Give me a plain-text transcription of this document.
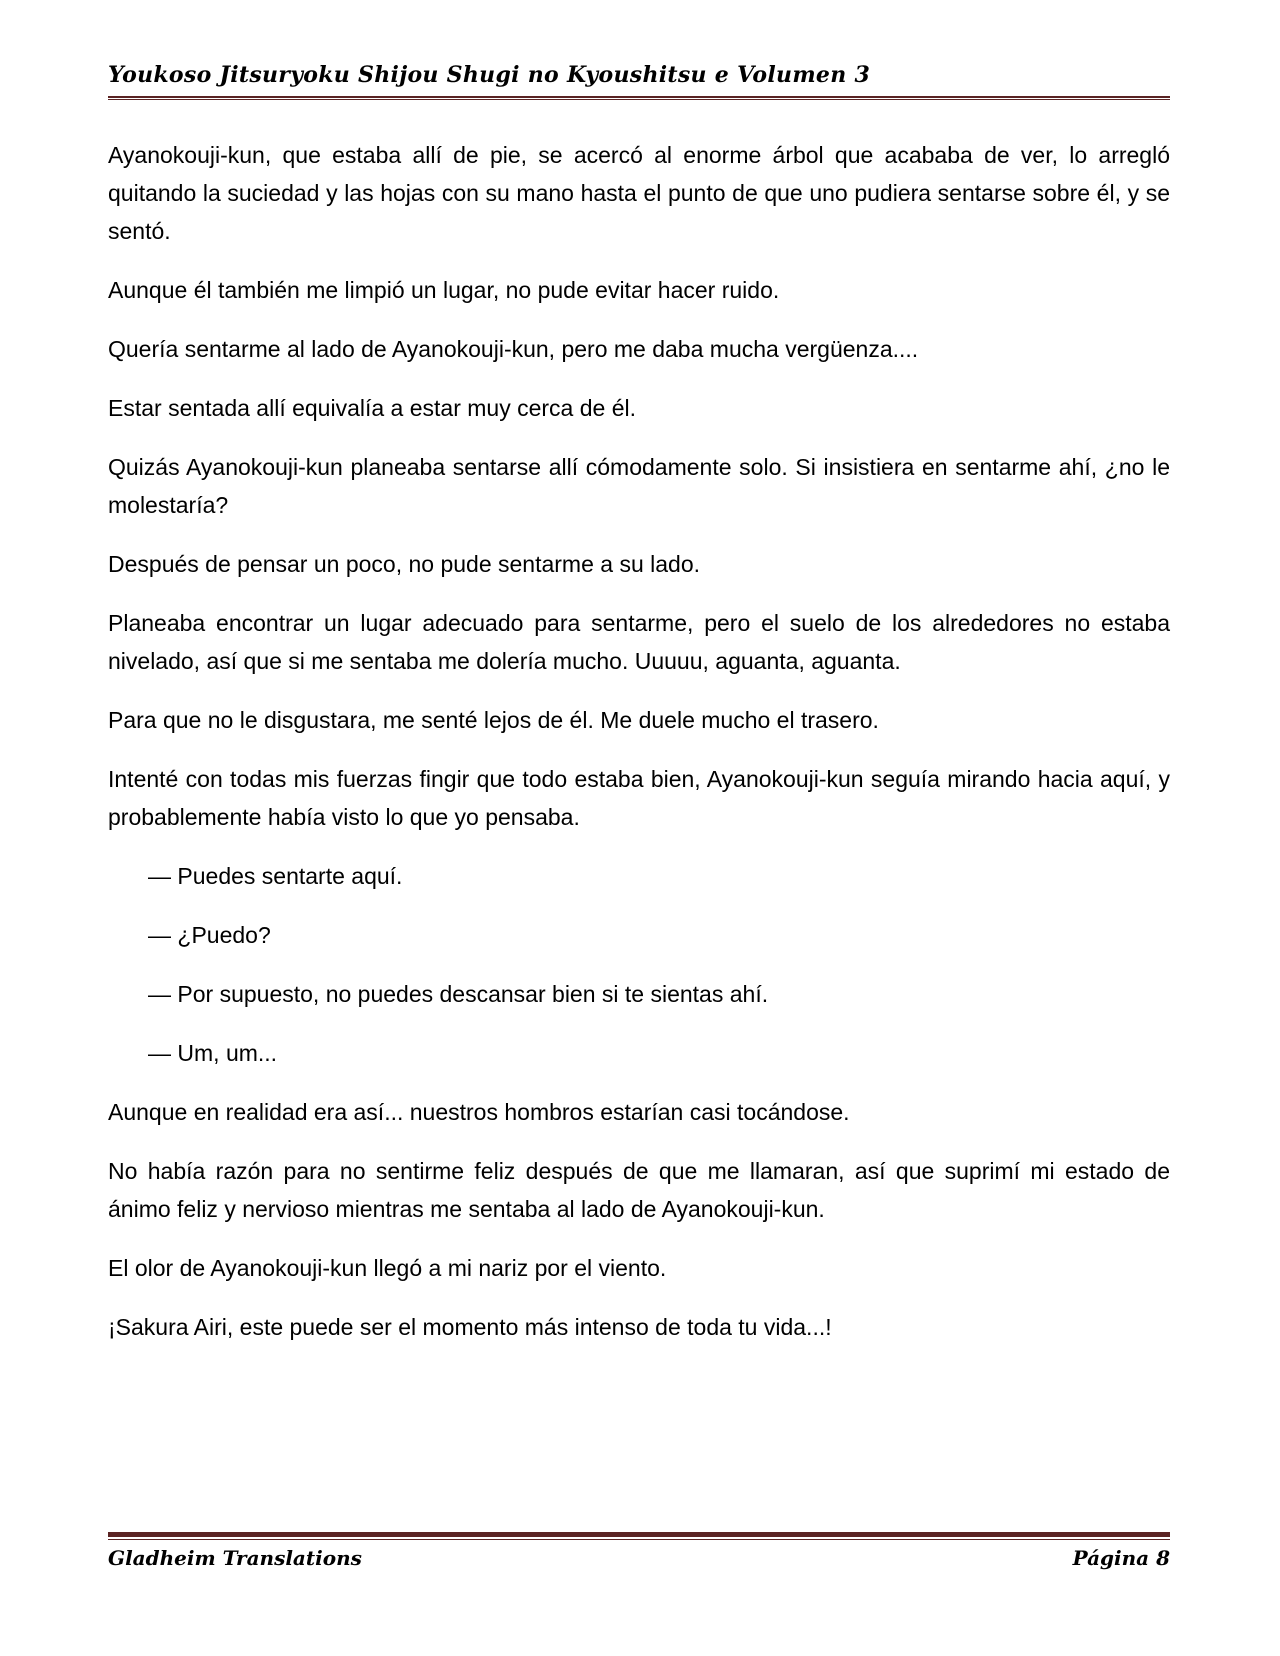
Youkoso Jitsuryoku Shijou Shugi no Kyoushitsu e Volumen 3

Ayanokouji-kun, que estaba allí de pie, se acercó al enorme árbol que acababa de ver, lo arregló quitando la suciedad y las hojas con su mano hasta el punto de que uno pudiera sentarse sobre él, y se sentó.

Aunque él también me limpió un lugar, no pude evitar hacer ruido.

Quería sentarme al lado de Ayanokouji-kun, pero me daba mucha vergüenza....

Estar sentada allí equivalía a estar muy cerca de él.

Quizás Ayanokouji-kun planeaba sentarse allí cómodamente solo. Si insistiera en sentarme ahí, ¿no le molestaría?

Después de pensar un poco, no pude sentarme a su lado.

Planeaba encontrar un lugar adecuado para sentarme, pero el suelo de los alrededores no estaba nivelado, así que si me sentaba me dolería mucho. Uuuuu, aguanta, aguanta.

Para que no le disgustara, me senté lejos de él. Me duele mucho el trasero.

Intenté con todas mis fuerzas fingir que todo estaba bien, Ayanokouji-kun seguía mirando hacia aquí, y probablemente había visto lo que yo pensaba.

— Puedes sentarte aquí.

— ¿Puedo?

— Por supuesto, no puedes descansar bien si te sientas ahí.

— Um, um...

Aunque en realidad era así... nuestros hombros estarían casi tocándose.

No había razón para no sentirme feliz después de que me llamaran, así que suprimí mi estado de ánimo feliz y nervioso mientras me sentaba al lado de Ayanokouji-kun.

El olor de Ayanokouji-kun llegó a mi nariz por el viento.

¡Sakura Airi, este puede ser el momento más intenso de toda tu vida...!

Gladheim Translations	Página 8
